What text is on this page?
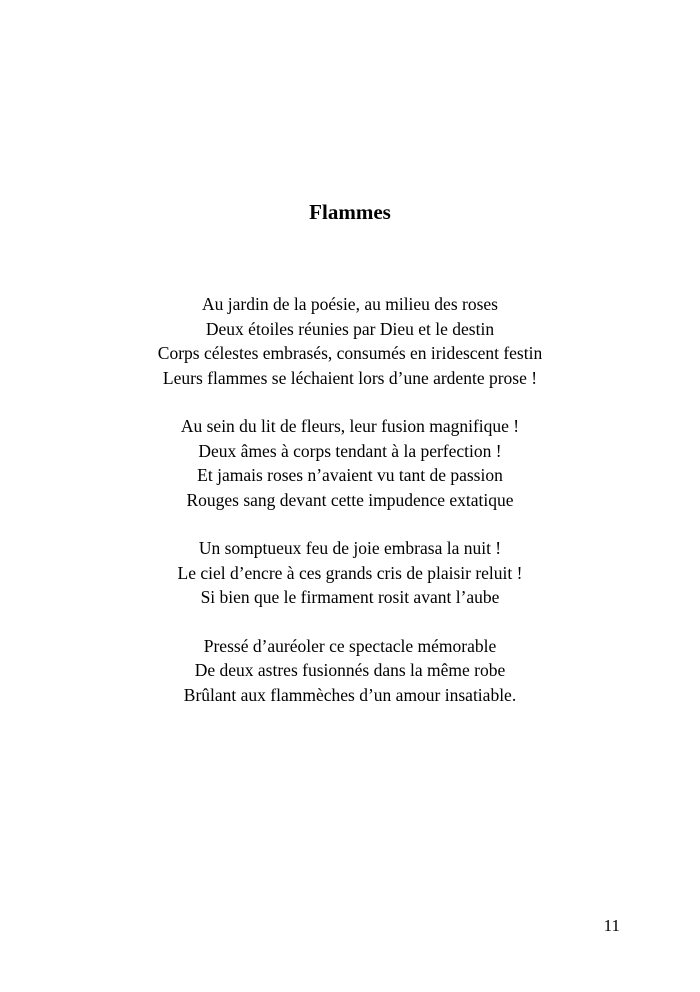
Flammes
Au jardin de la poésie, au milieu des roses
Deux étoiles réunies par Dieu et le destin
Corps célestes embrasés, consumés en iridescent festin
Leurs flammes se léchaient lors d’une ardente prose !
Au sein du lit de fleurs, leur fusion magnifique !
Deux âmes à corps tendant à la perfection !
Et jamais roses n’avaient vu tant de passion
Rouges sang devant cette impudence extatique
Un somptueux feu de joie embrasa la nuit !
Le ciel d’encre à ces grands cris de plaisir reluit !
Si bien que le firmament rosit avant l’aube
Pressé d’auréoler ce spectacle mémorable
De deux astres fusionnés dans la même robe
Brûlant aux flammèches d’un amour insatiable.
11
